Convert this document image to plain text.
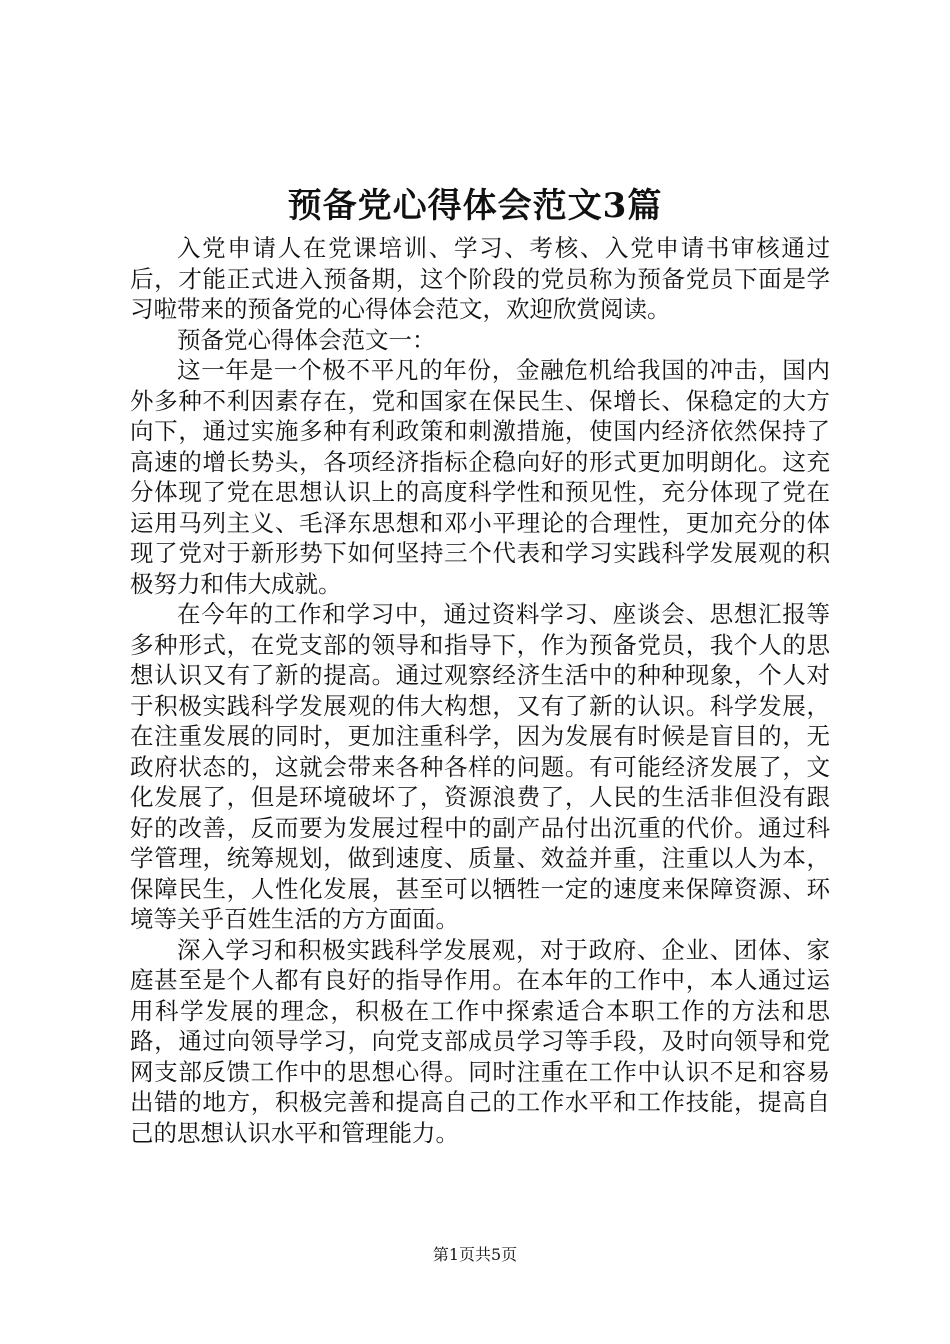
预备党心得体会范文3篇

入党申请人在党课培训、学习、考核、入党申请书审核通过后，才能正式进入预备期，这个阶段的党员称为预备党员下面是学习啦带来的预备党的心得体会范文，欢迎欣赏阅读。

预备党心得体会范文一：

这一年是一个极不平凡的年份，金融危机给我国的冲击，国内外多种不利因素存在，党和国家在保民生、保增长、保稳定的大方向下，通过实施多种有利政策和刺激措施，使国内经济依然保持了高速的增长势头，各项经济指标企稳向好的形式更加明朗化。这充分体现了党在思想认识上的高度科学性和预见性，充分体现了党在运用马列主义、毛泽东思想和邓小平理论的合理性，更加充分的体现了党对于新形势下如何坚持三个代表和学习实践科学发展观的积极努力和伟大成就。

在今年的工作和学习中，通过资料学习、座谈会、思想汇报等多种形式，在党支部的领导和指导下，作为预备党员，我个人的思想认识又有了新的提高。通过观察经济生活中的种种现象，个人对于积极实践科学发展观的伟大构想，又有了新的认识。科学发展，在注重发展的同时，更加注重科学，因为发展有时候是盲目的，无政府状态的，这就会带来各种各样的问题。有可能经济发展了，文化发展了，但是环境破坏了，资源浪费了，人民的生活非但没有跟好的改善，反而要为发展过程中的副产品付出沉重的代价。通过科学管理，统筹规划，做到速度、质量、效益并重，注重以人为本，保障民生，人性化发展，甚至可以牺牲一定的速度来保障资源、环境等关乎百姓生活的方方面面。

深入学习和积极实践科学发展观，对于政府、企业、团体、家庭甚至是个人都有良好的指导作用。在本年的工作中，本人通过运用科学发展的理念，积极在工作中探索适合本职工作的方法和思路，通过向领导学习，向党支部成员学习等手段，及时向领导和党网支部反馈工作中的思想心得。同时注重在工作中认识不足和容易出错的地方，积极完善和提高自己的工作水平和工作技能，提高自己的思想认识水平和管理能力。

第1页共5页
